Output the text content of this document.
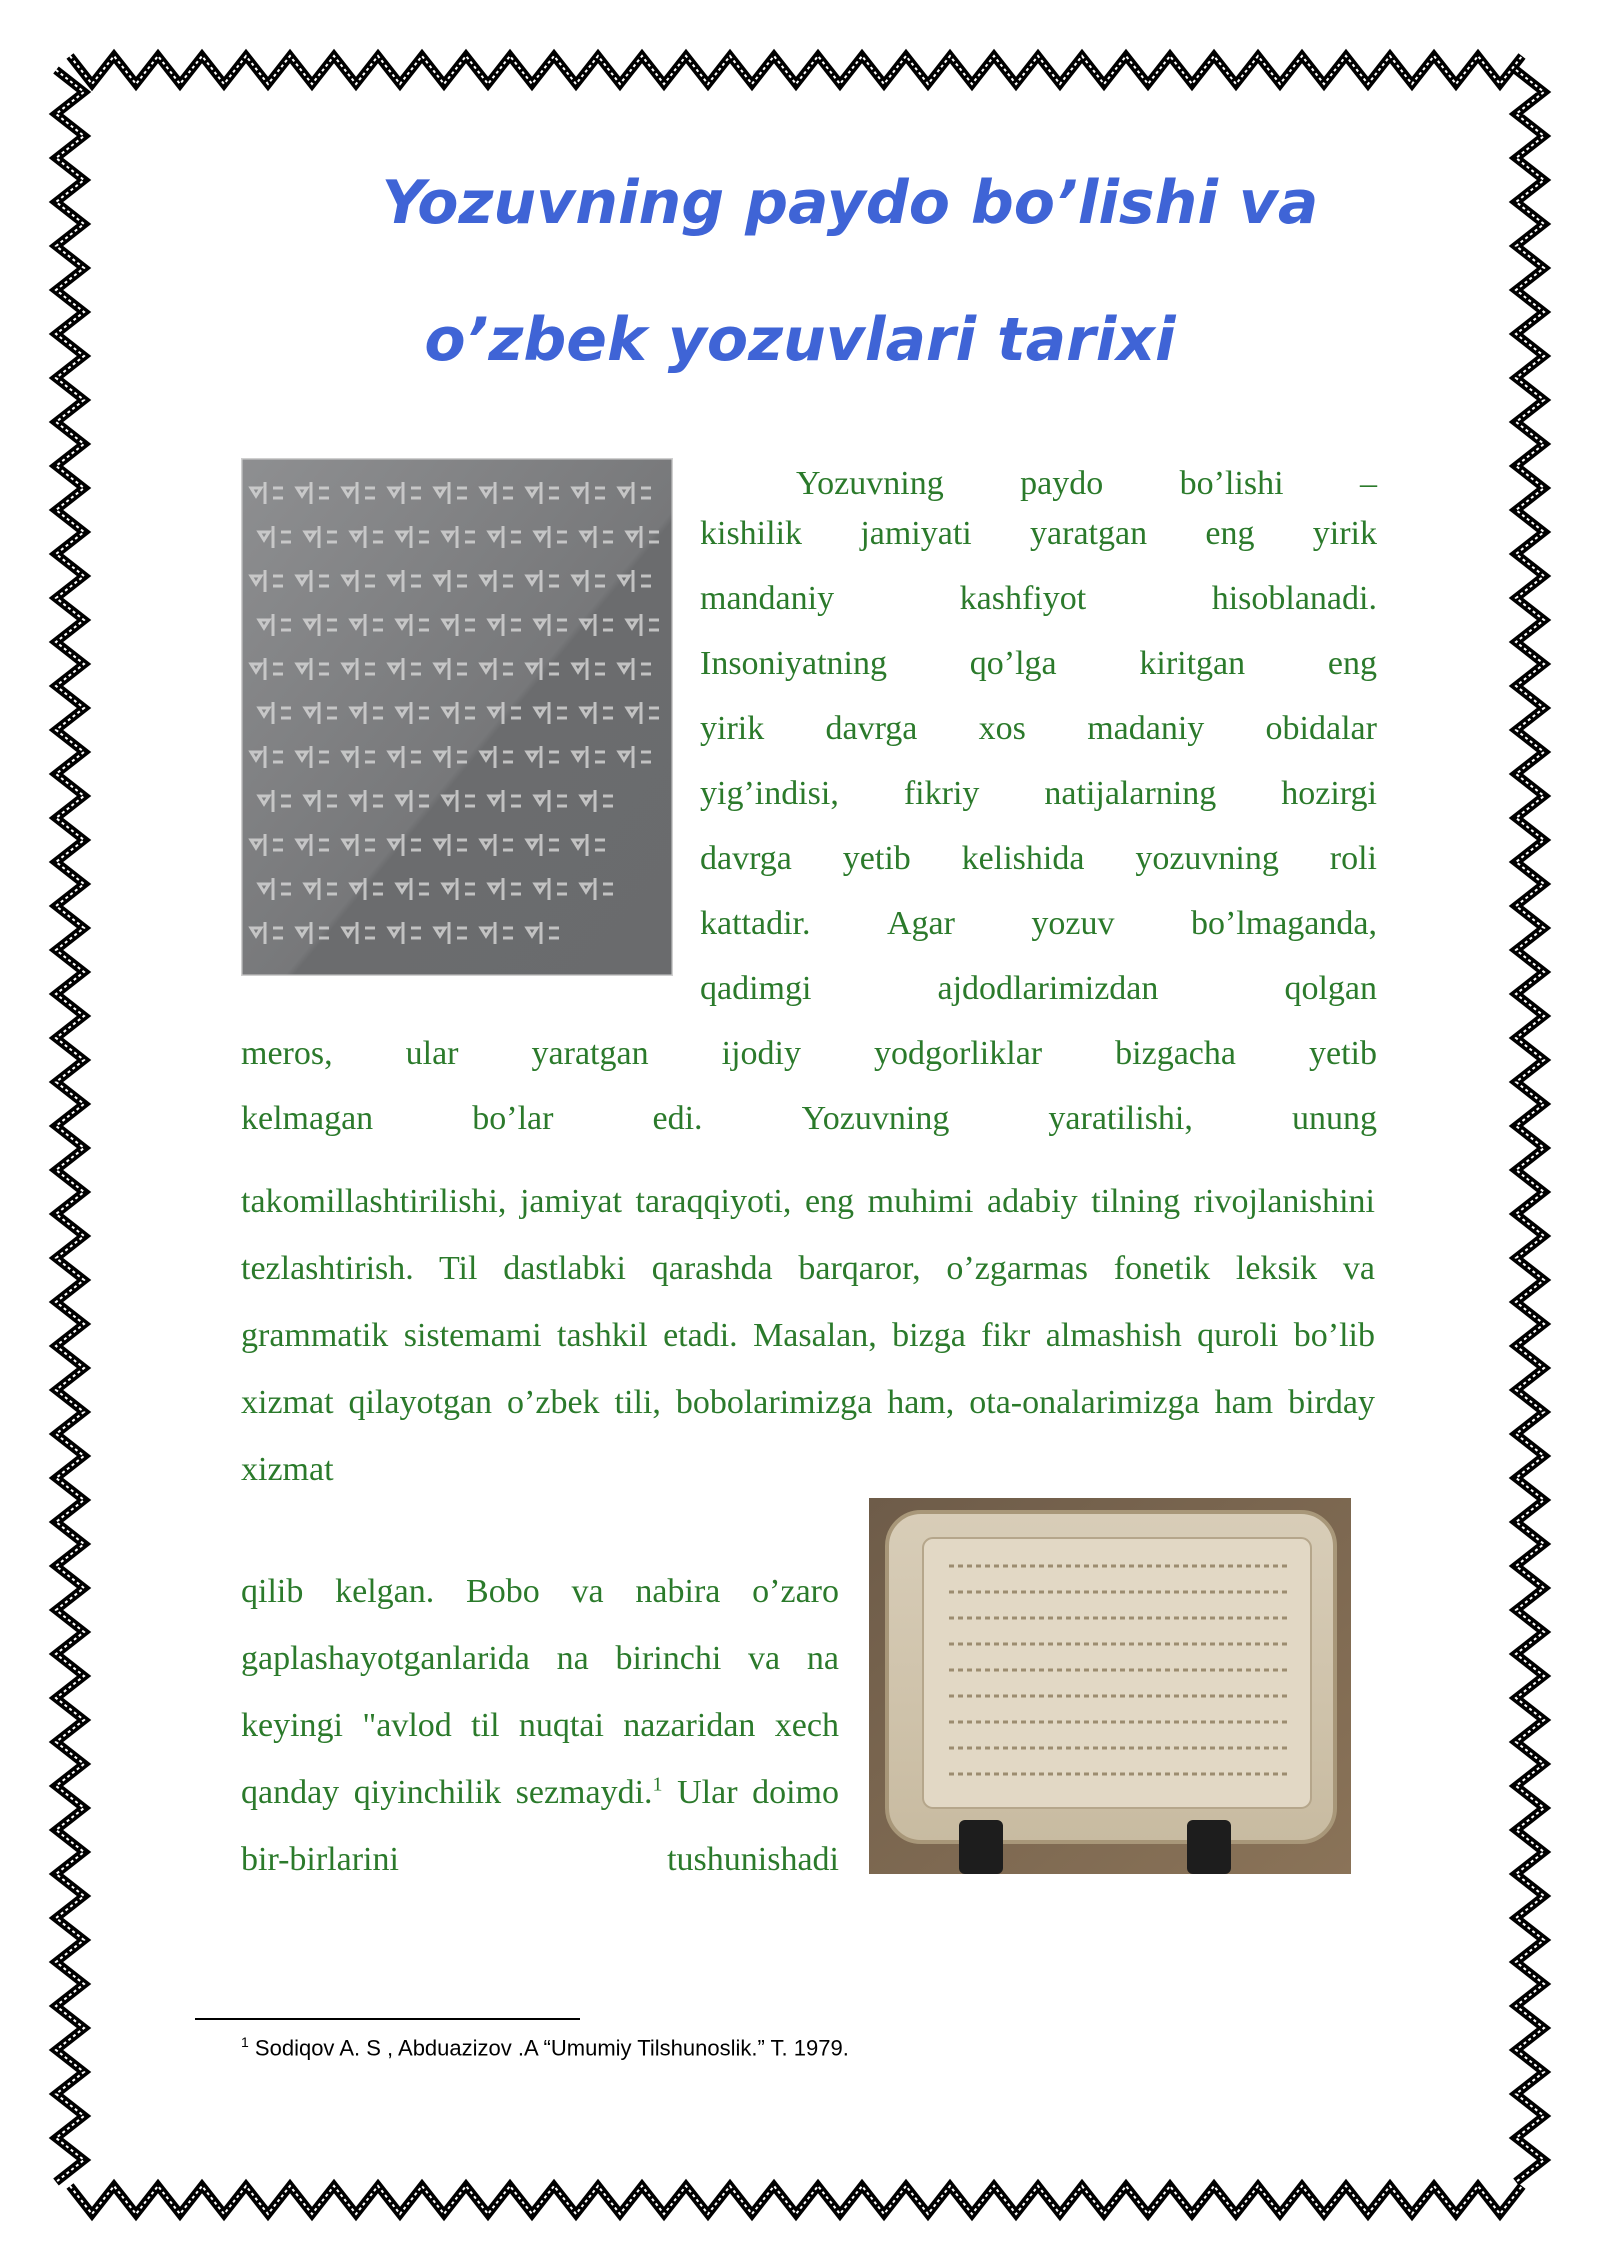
Yozuvning paydo bo’lishi va
o’zbek yozuvlari tarixi
Yozuvning paydo bo’lishi –
kishilik jamiyati yaratgan eng yirik
mandaniy	kashfiyot	hisoblanadi.
Insoniyatning qo’lga kiritgan eng
yirik davrga xos madaniy obidalar
yig’indisi, fikriy natijalarning hozirgi
davrga yetib kelishida yozuvning roli
kattadir. Agar yozuv bo’lmaganda,
qadimgi	ajdodlarimizdan	qolgan
meros, ular yaratgan ijodiy yodgorliklar bizgacha yetib
kelmagan	bo’lar	edi.	Yozuvning	yaratilishi,	unung

takomillashtirilishi, jamiyat taraqqiyoti, eng muhimi adabiy tilning rivojlanishini tezlashtirish. Til dastlabki qarashda barqaror, o’zgarmas fonetik leksik va grammatik sistemami tashkil etadi. Masalan, bizga fikr almashish quroli bo’lib xizmat qilayotgan o’zbek tili, bobolarimizga ham, ota-onalarimizga ham birday xizmat

qilib kelgan. Bobo va nabira o’zaro gaplashayotganlarida na birinchi va na keyingi "avlod til nuqtai nazaridan xech qanday qiyinchilik sezmaydi.$^1$ Ular doimo bir-birlarini tushunishadi

$^1$ Sodiqov A. S , Abduazizov .A “Umumiy Tilshunoslik.” T. 1979.
